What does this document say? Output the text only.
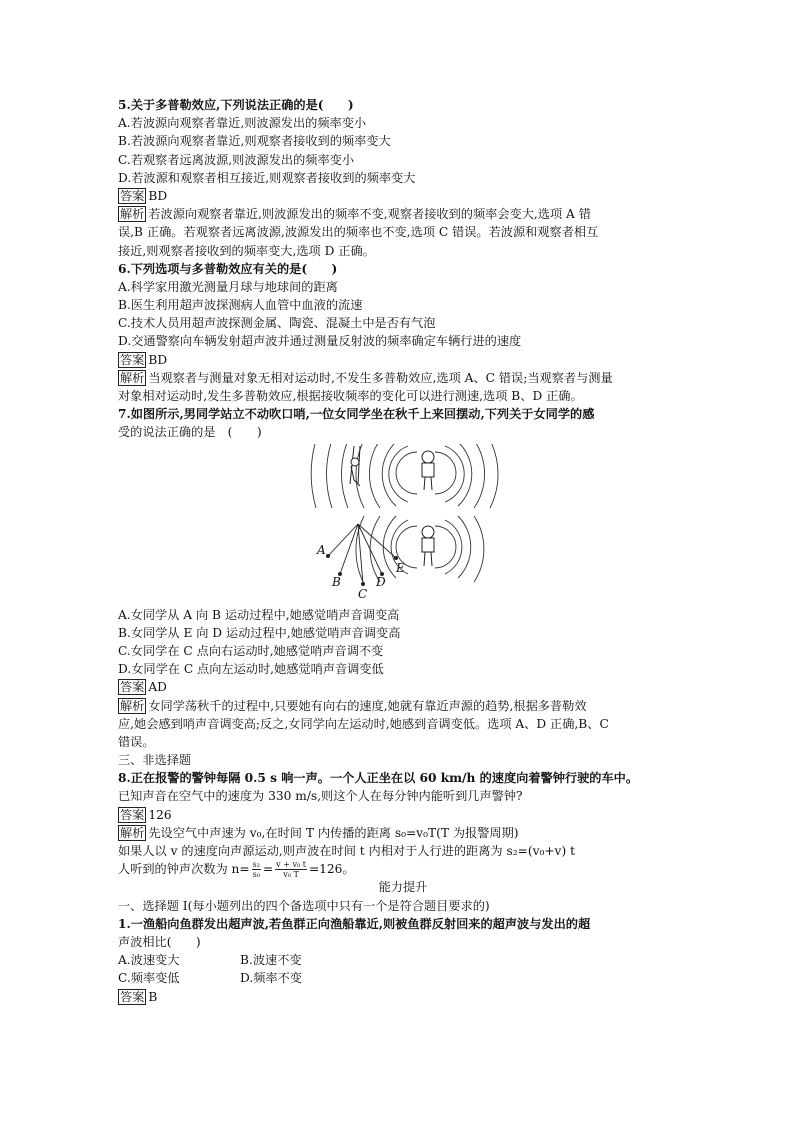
5.关于多普勒效应,下列说法正确的是(　　)
A.若波源向观察者靠近,则波源发出的频率变小
B.若波源向观察者靠近,则观察者接收到的频率变大
C.若观察者远离波源,则波源发出的频率变小
D.若波源和观察者相互接近,则观察者接收到的频率变大
答案 BD
解析 若波源向观察者靠近,则波源发出的频率不变,观察者接收到的频率会变大,选项 A 错
误,B 正确。若观察者远离波源,波源发出的频率也不变,选项 C 错误。若波源和观察者相互
接近,则观察者接收到的频率变大,选项 D 正确。
6.下列选项与多普勒效应有关的是(　　)
A.科学家用激光测量月球与地球间的距离
B.医生利用超声波探测病人血管中血液的流速
C.技术人员用超声波探测金属、陶瓷、混凝土中是否有气泡
D.交通警察向车辆发射超声波并通过测量反射波的频率确定车辆行进的速度
答案 BD
解析 当观察者与测量对象无相对运动时,不发生多普勒效应,选项 A、C 错误;当观察者与测量
对象相对运动时,发生多普勒效应,根据接收频率的变化可以进行测速,选项 B、D 正确。
7.如图所示,男同学站立不动吹口哨,一位女同学坐在秋千上来回摆动,下列关于女同学的感
受的说法正确的是　(　　)
A
B
C
D
E
A.女同学从 A 向 B 运动过程中,她感觉哨声音调变高
B.女同学从 E 向 D 运动过程中,她感觉哨声音调变高
C.女同学在 C 点向右运动时,她感觉哨声音调不变
D.女同学在 C 点向左运动时,她感觉哨声音调变低
答案 AD
解析 女同学荡秋千的过程中,只要她有向右的速度,她就有靠近声源的趋势,根据多普勒效
应,她会感到哨声音调变高;反之,女同学向左运动时,她感到音调变低。选项 A、D 正确,B、C
错误。
三、非选择题
8.正在报警的警钟每隔 0.5 s 响一声。一个人正坐在以 60 km/h 的速度向着警钟行驶的车中。
已知声音在空气中的速度为 330 m/s,则这个人在每分钟内能听到几声警钟?
答案 126
解析 先设空气中声速为 v₀,在时间 T 内传播的距离 s₀=v₀T(T 为报警周期)
如果人以 v 的速度向声源运动,则声波在时间 t 内相对于人行进的距离为 s₂=(v₀+v) t
人听到的钟声次数为 $n= \frac{\text{s₂}}{\text{s₀}} = \frac{\text{v + v₀ t}}{\text{v₀ T}} =126$。
能力提升
一、选择题 Ⅰ(每小题列出的四个备选项中只有一个是符合题目要求的)
1.一渔船向鱼群发出超声波,若鱼群正向渔船靠近,则被鱼群反射回来的超声波与发出的超
声波相比(　　)
A.波速变大	B.波速不变
C.频率变低	D.频率不变
答案 B
